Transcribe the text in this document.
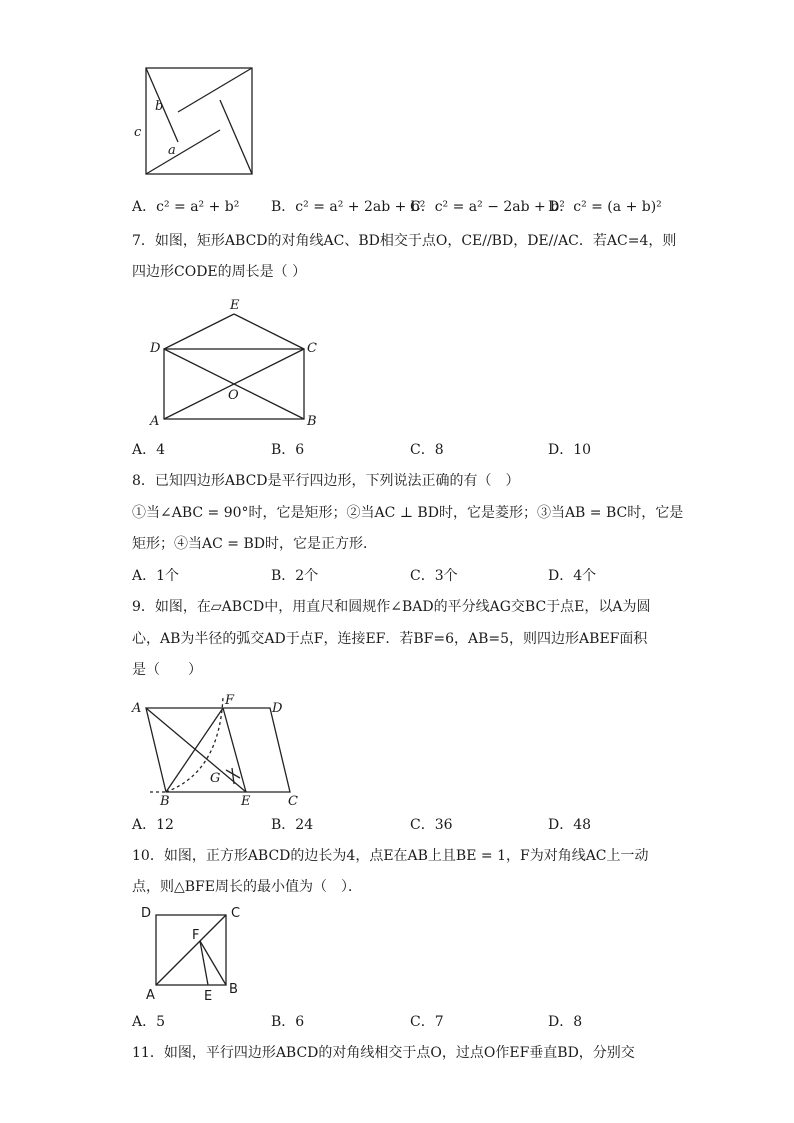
b
c
a
A．c² = a² + b² B．c² = a² + 2ab + b²
C．c² = a² − 2ab + b²
D．c² = (a + b)²
7．如图，矩形ABCD的对角线AC、BD相交于点O，CE//BD，DE//AC．若AC=4，则
四边形CODE的周长是（ ）
E
D	C
O
A	B
A．4	B．6	C．8	D．10
8．已知四边形ABCD是平行四边形，下列说法正确的有（　）
①当∠ABC = 90°时，它是矩形；②当AC ⊥ BD时，它是菱形；③当AB = BC时，它是
矩形；④当AC = BD时，它是正方形．
A．1个	B．2个	C．3个	D．4个
9．如图，在▱ABCD中，用直尺和圆规作∠BAD的平分线AG交BC于点E，以A为圆
心，AB为半径的弧交AD于点F，连接EF．若BF=6，AB=5，则四边形ABEF面积
是（　　）
A
F
D
G
B	E	C
A．12	B．24	C．36	D．48
10．如图，正方形ABCD的边长为4，点E在AB上且BE = 1，F为对角线AC上一动
点，则△BFE周长的最小值为（　）．
D	C
F
A	E B
A．5	B．6	C．7	D．8
11．如图，平行四边形ABCD的对角线相交于点O，过点O作EF垂直BD，分别交
